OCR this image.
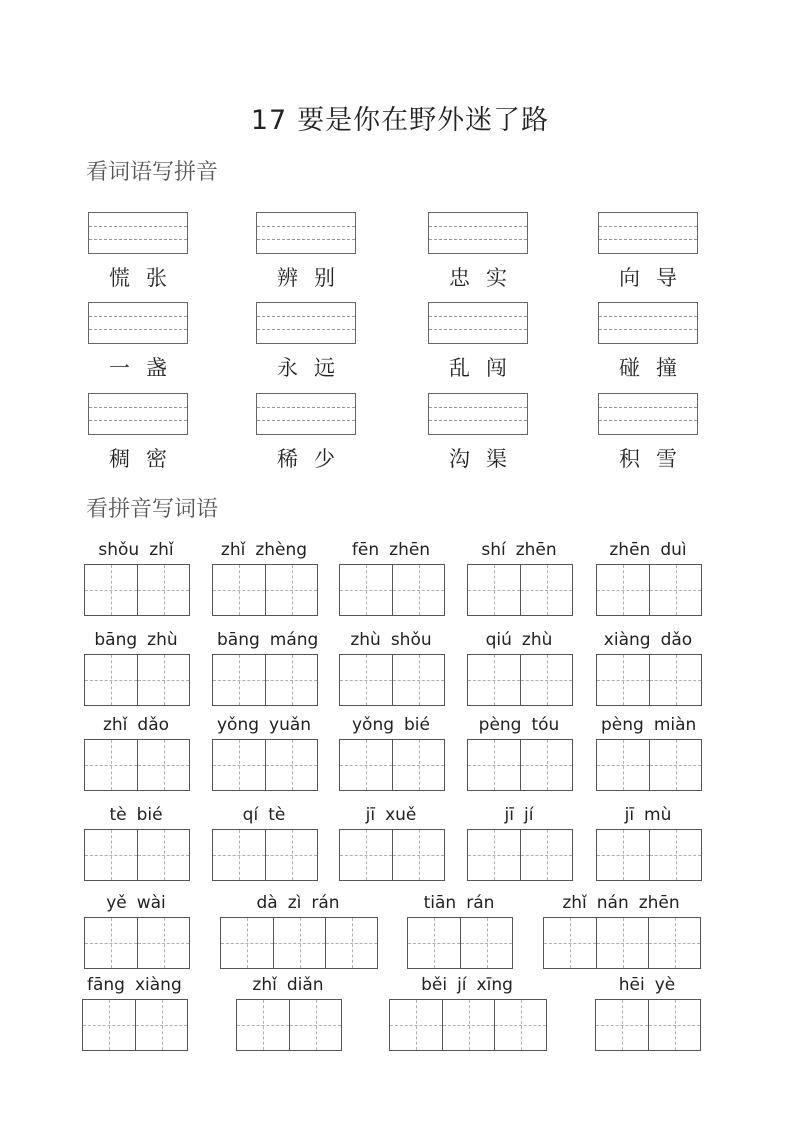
17 要是你在野外迷了路
看词语写拼音
慌张	辨别	忠实	向导
一盏	永远	乱闯	碰撞
稠密	稀少	沟渠	积雪
看拼音写词语
shǒu zhǐ	zhǐ zhèng	fēn zhēn	shí zhēn	zhēn duì
bāng zhù	bāng máng	zhù shǒu	qiú zhù	xiàng dǎo
zhǐ dǎo	yǒng yuǎn	yǒng bié	pèng tóu	pèng miàn
tè bié	qí tè	jī xuě	jī jí	jī mù
yě wài	dà zì rán	tiān rán	zhǐ nán zhēn
fāng xiàng	zhǐ diǎn	běi jí xīng	hēi yè
